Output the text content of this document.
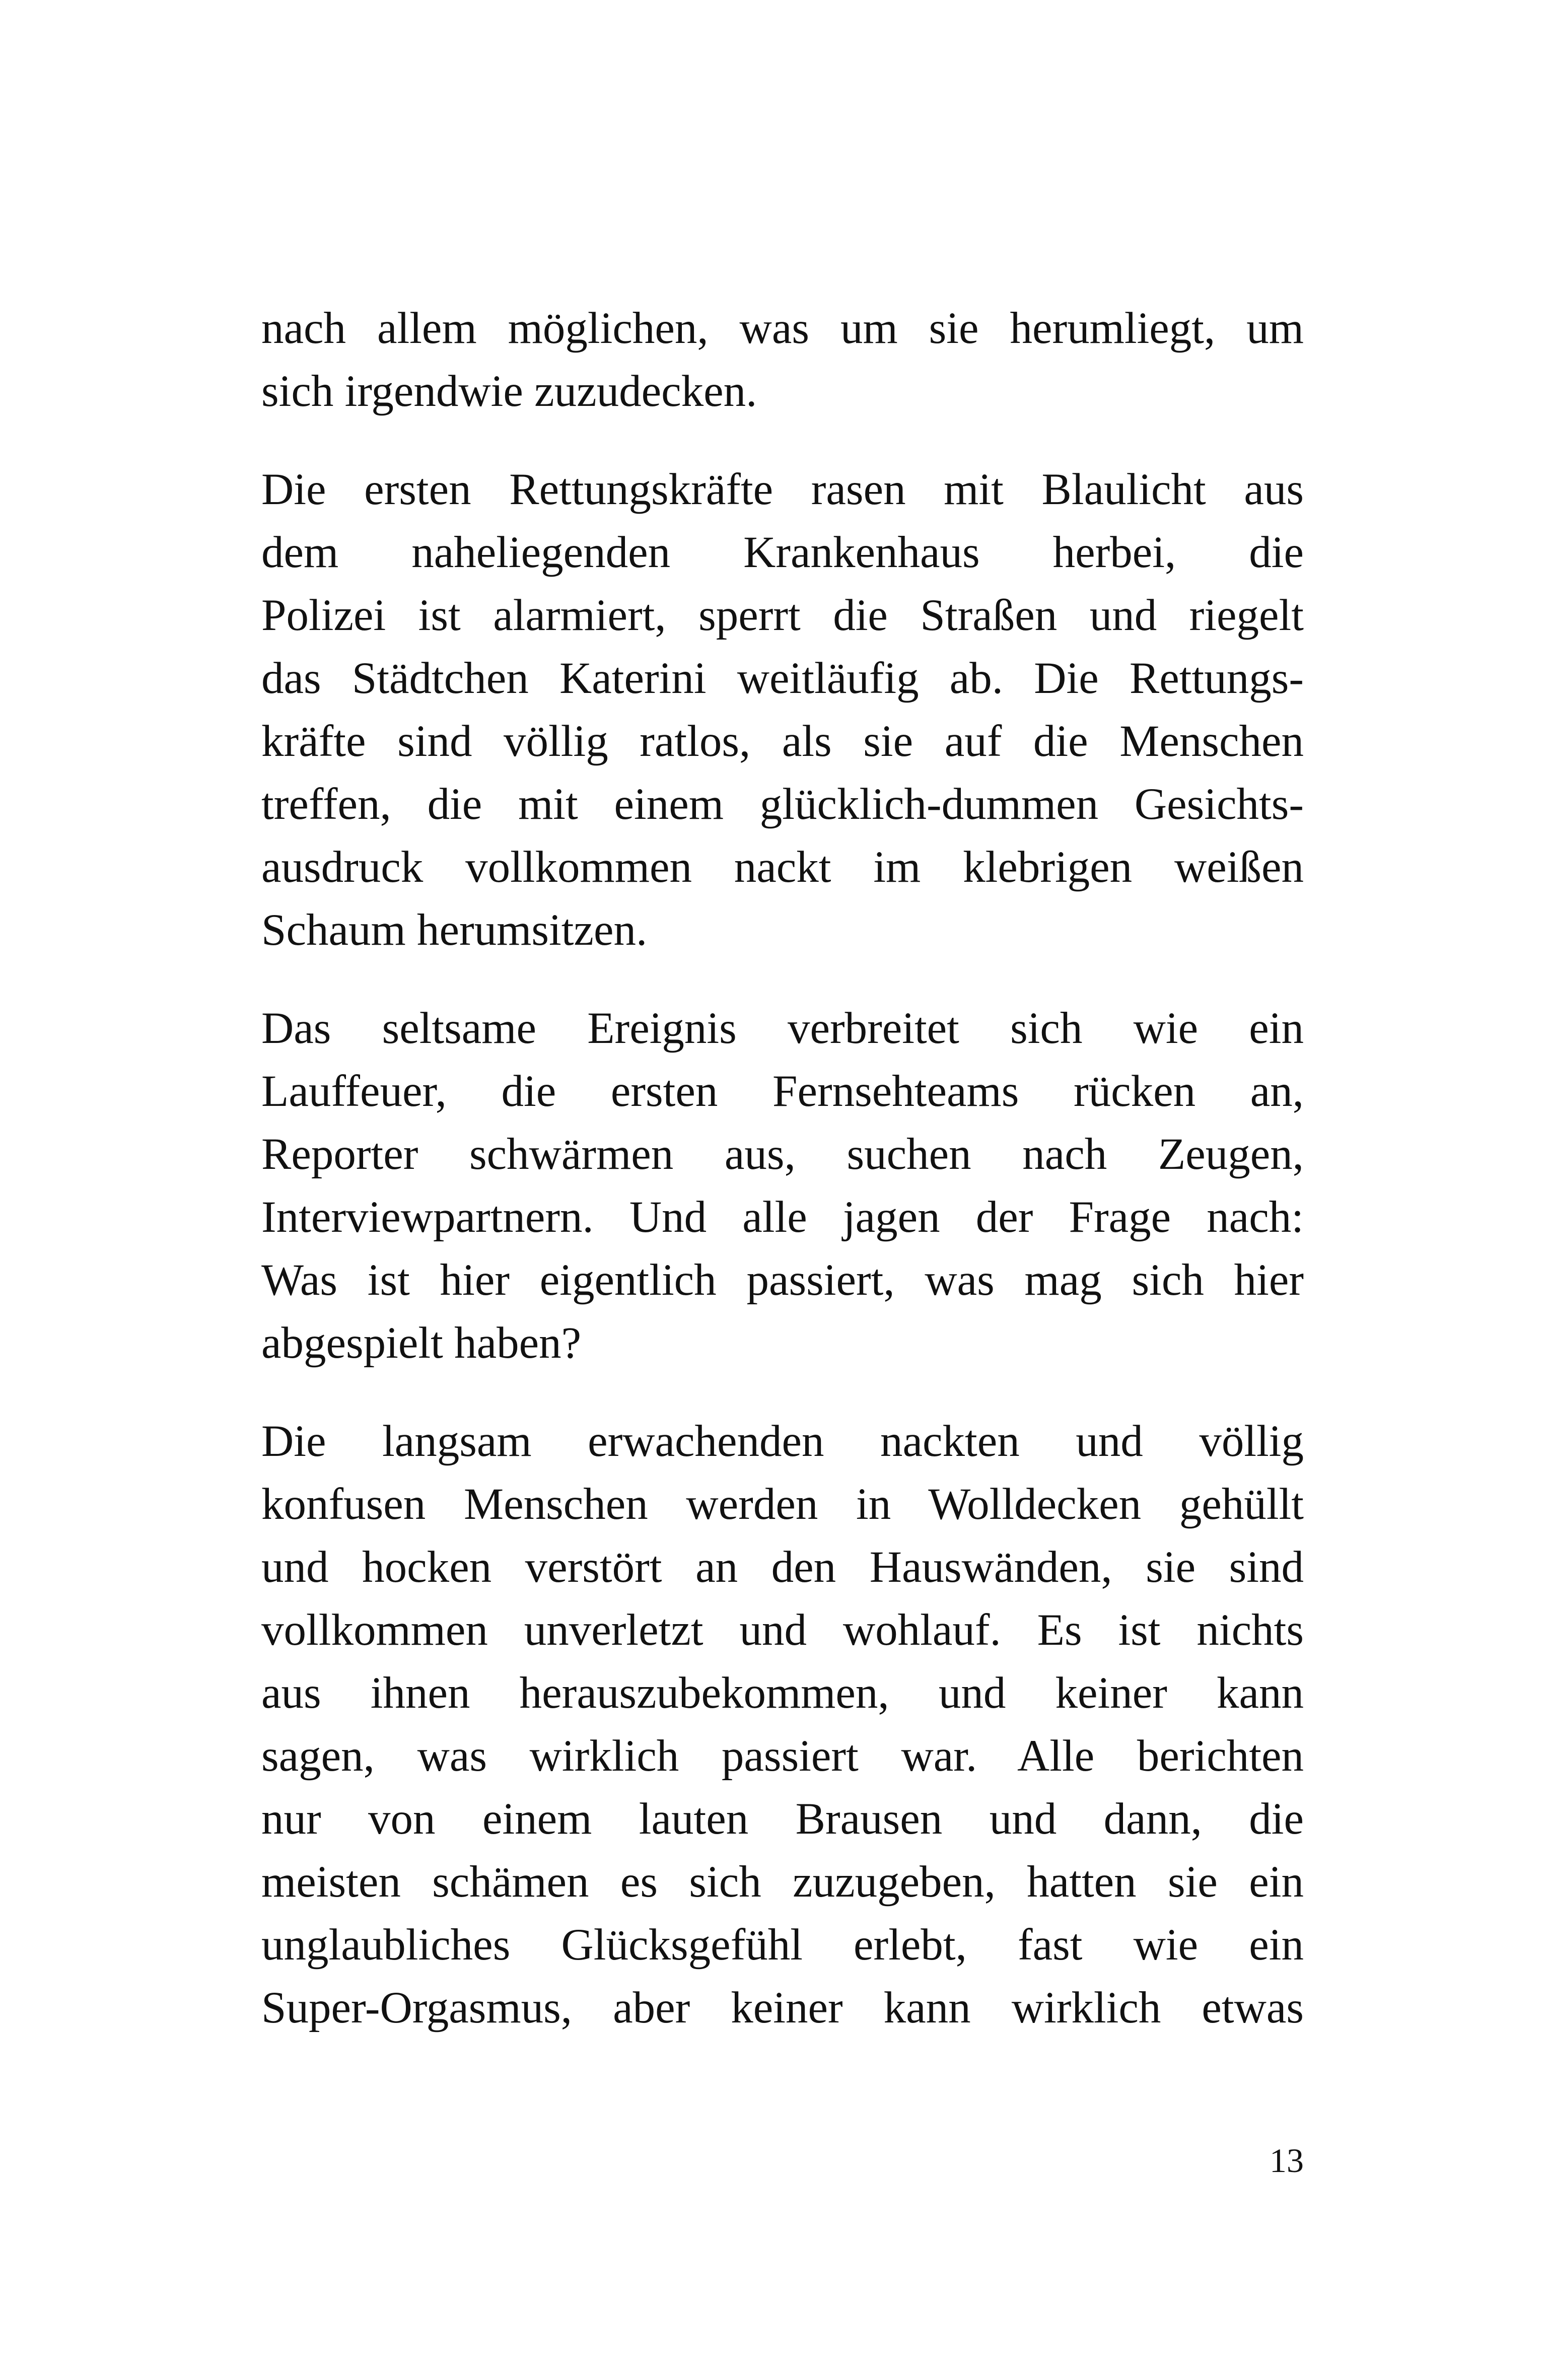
nach allem möglichen, was um sie herumliegt, um
sich irgendwie zuzudecken.

Die ersten Rettungskräfte rasen mit Blaulicht aus
dem naheliegenden Krankenhaus herbei, die
Polizei ist alarmiert, sperrt die Straßen und riegelt
das Städtchen Katerini weitläufig ab. Die Rettungs-
kräfte sind völlig ratlos, als sie auf die Menschen
treffen, die mit einem glücklich-dummen Gesichts-
ausdruck vollkommen nackt im klebrigen weißen
Schaum herumsitzen.

Das seltsame Ereignis verbreitet sich wie ein
Lauffeuer, die ersten Fernsehteams rücken an,
Reporter schwärmen aus, suchen nach Zeugen,
Interviewpartnern. Und alle jagen der Frage nach:
Was ist hier eigentlich passiert, was mag sich hier
abgespielt haben?

Die langsam erwachenden nackten und völlig
konfusen Menschen werden in Wolldecken gehüllt
und hocken verstört an den Hauswänden, sie sind
vollkommen unverletzt und wohlauf. Es ist nichts
aus ihnen herauszubekommen, und keiner kann
sagen, was wirklich passiert war. Alle berichten
nur von einem lauten Brausen und dann, die
meisten schämen es sich zuzugeben, hatten sie ein
unglaubliches Glücksgefühl erlebt, fast wie ein
Super-Orgasmus, aber keiner kann wirklich etwas

13
